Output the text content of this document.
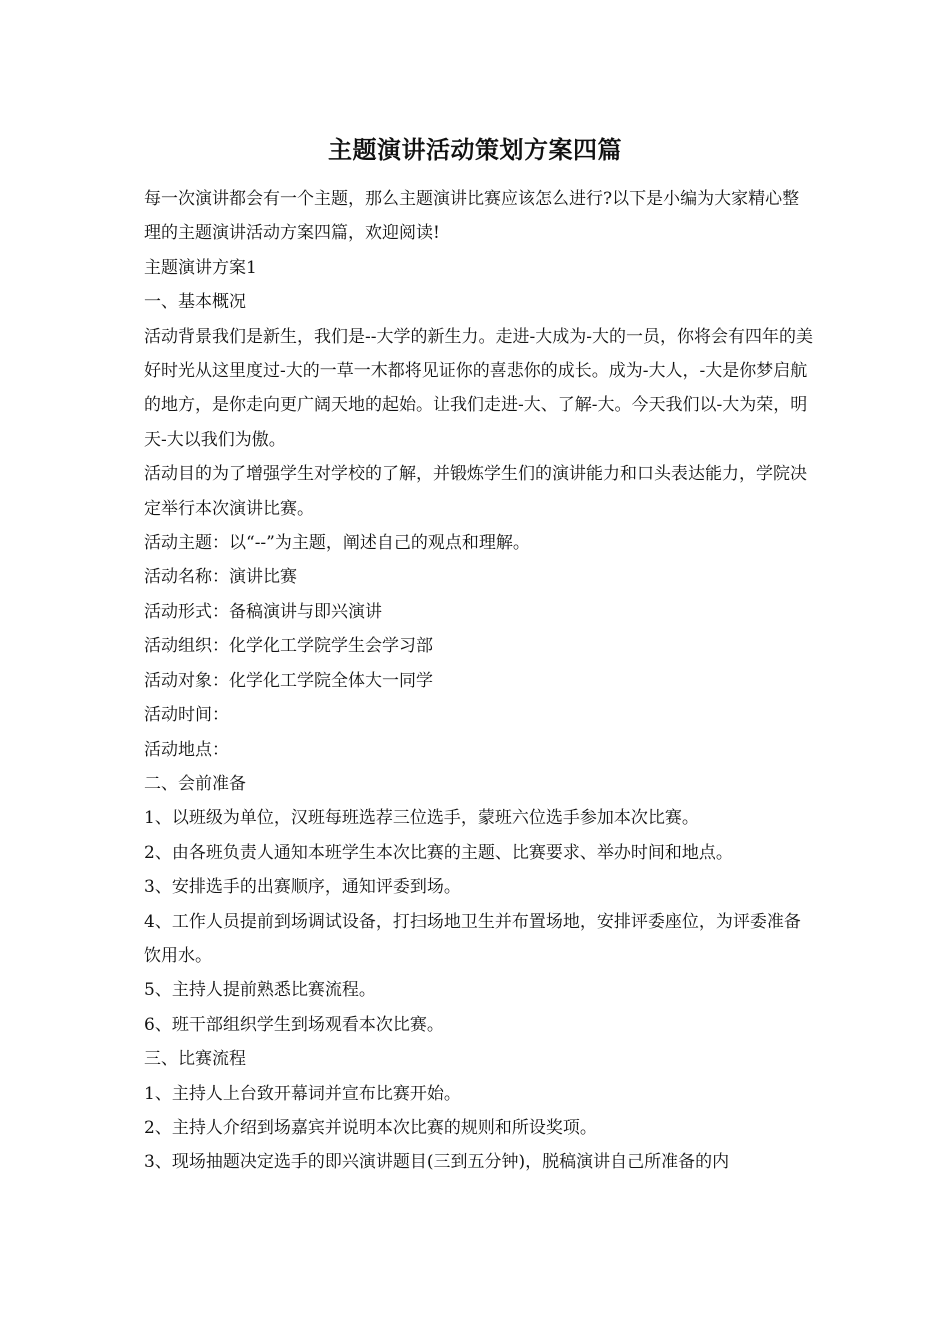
主题演讲活动策划方案四篇

每一次演讲都会有一个主题，那么主题演讲比赛应该怎么进行?以下是小编为大家精心整理的主题演讲活动方案四篇，欢迎阅读!

主题演讲方案1

一、基本概况

活动背景我们是新生，我们是--大学的新生力。走进-大成为-大的一员，你将会有四年的美好时光从这里度过-大的一草一木都将见证你的喜悲你的成长。成为-大人，-大是你梦启航的地方，是你走向更广阔天地的起始。让我们走进-大、了解-大。今天我们以-大为荣，明天-大以我们为傲。

活动目的为了增强学生对学校的了解，并锻炼学生们的演讲能力和口头表达能力，学院决定举行本次演讲比赛。

活动主题：以“--”为主题，阐述自己的观点和理解。

活动名称：演讲比赛

活动形式：备稿演讲与即兴演讲

活动组织：化学化工学院学生会学习部

活动对象：化学化工学院全体大一同学

活动时间：

活动地点：

二、会前准备

1、以班级为单位，汉班每班选荐三位选手，蒙班六位选手参加本次比赛。

2、由各班负责人通知本班学生本次比赛的主题、比赛要求、举办时间和地点。

3、安排选手的出赛顺序，通知评委到场。

4、工作人员提前到场调试设备，打扫场地卫生并布置场地，安排评委座位，为评委准备饮用水。

5、主持人提前熟悉比赛流程。

6、班干部组织学生到场观看本次比赛。

三、比赛流程

1、主持人上台致开幕词并宣布比赛开始。

2、主持人介绍到场嘉宾并说明本次比赛的规则和所设奖项。

3、现场抽题决定选手的即兴演讲题目(三到五分钟)，脱稿演讲自己所准备的内
